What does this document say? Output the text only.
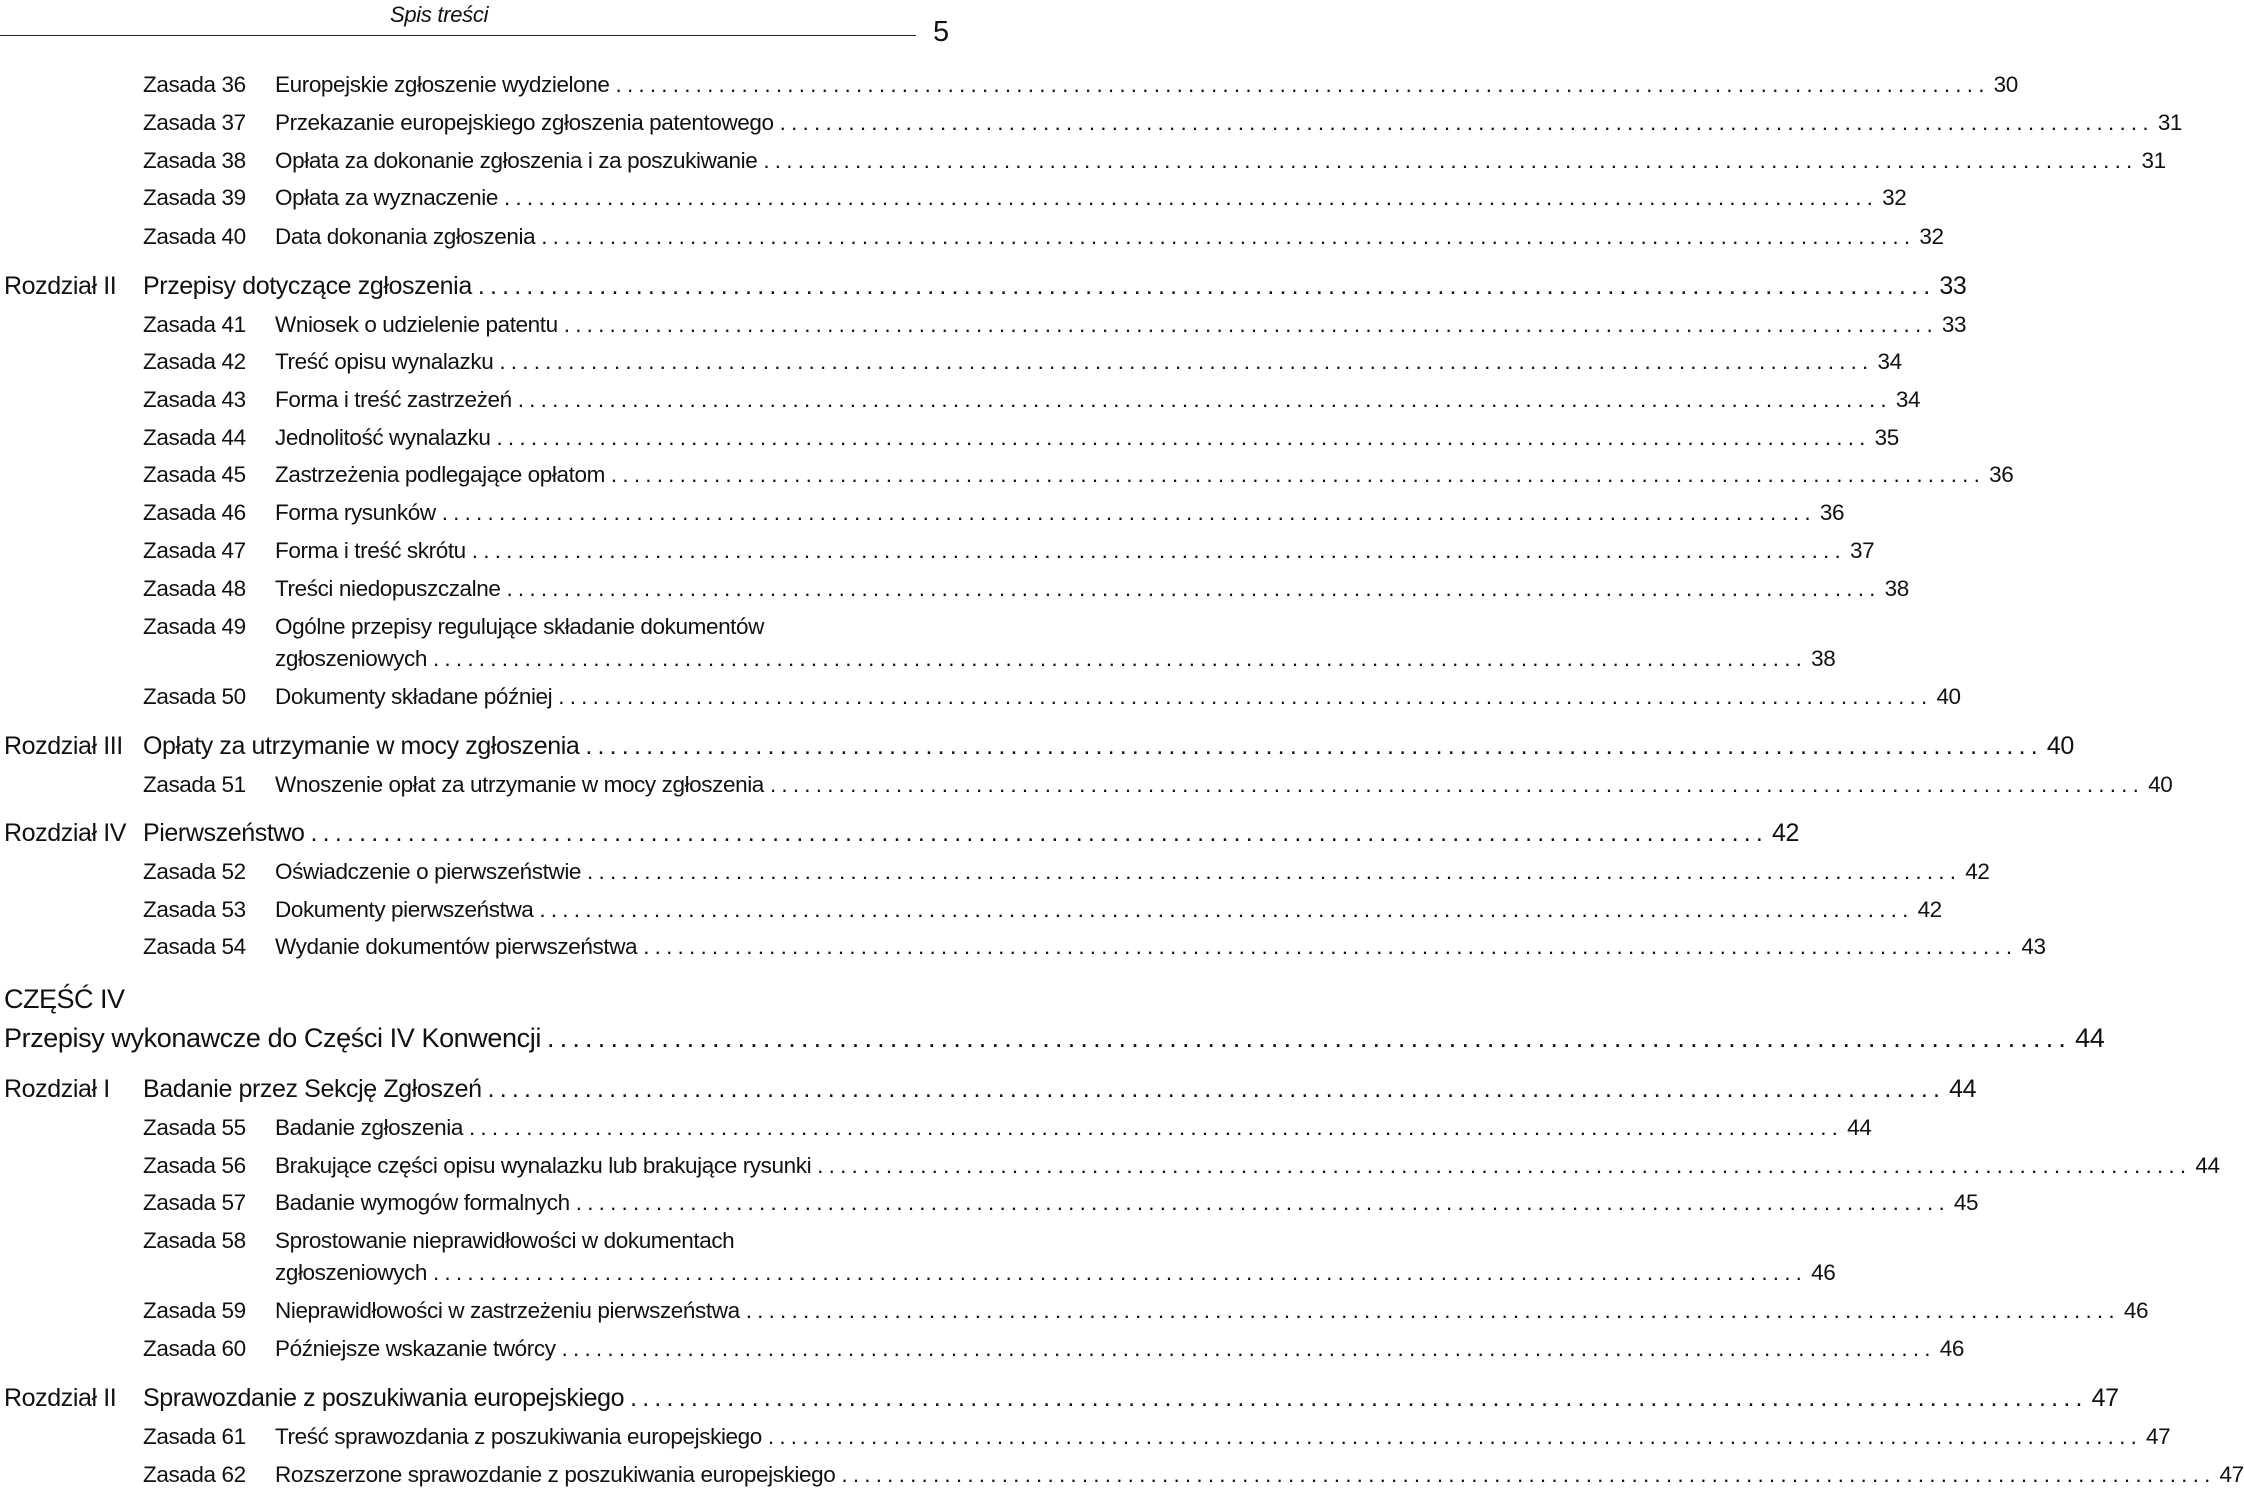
Spis treści
5
Zasada 36 Europejskie zgłoszenie wydzielone ........................................................................................................................ 30
Zasada 37 Przekazanie europejskiego zgłoszenia patentowego ........................................................................................................................ 31
Zasada 38 Opłata za dokonanie zgłoszenia i za poszukiwanie ........................................................................................................................ 31
Zasada 39 Opłata za wyznaczenie ........................................................................................................................ 32
Zasada 40 Data dokonania zgłoszenia ........................................................................................................................ 32
Rozdział II Przepisy dotyczące zgłoszenia ........................................................................................................................ 33
Zasada 41 Wniosek o udzielenie patentu ........................................................................................................................ 33
Zasada 42 Treść opisu wynalazku ........................................................................................................................ 34
Zasada 43 Forma i treść zastrzeżeń ........................................................................................................................ 34
Zasada 44 Jednolitość wynalazku ........................................................................................................................ 35
Zasada 45 Zastrzeżenia podlegające opłatom ........................................................................................................................ 36
Zasada 46 Forma rysunków ........................................................................................................................ 36
Zasada 47 Forma i treść skrótu ........................................................................................................................ 37
Zasada 48 Treści niedopuszczalne ........................................................................................................................ 38
Zasada 49 Ogólne przepisy regulujące składanie dokumentów
zgłoszeniowych ........................................................................................................................ 38
Zasada 50 Dokumenty składane później ........................................................................................................................ 40
Rozdział III Opłaty za utrzymanie w mocy zgłoszenia ........................................................................................................................ 40
Zasada 51 Wnoszenie opłat za utrzymanie w mocy zgłoszenia ........................................................................................................................ 40
Rozdział IV Pierwszeństwo ........................................................................................................................ 42
Zasada 52 Oświadczenie o pierwszeństwie ........................................................................................................................ 42
Zasada 53 Dokumenty pierwszeństwa ........................................................................................................................ 42
Zasada 54 Wydanie dokumentów pierwszeństwa ........................................................................................................................ 43
CZĘŚĆ IV
Przepisy wykonawcze do Części IV Konwencji ........................................................................................................................ 44
Rozdział I Badanie przez Sekcję Zgłoszeń ........................................................................................................................ 44
Zasada 55 Badanie zgłoszenia ........................................................................................................................ 44
Zasada 56 Brakujące części opisu wynalazku lub brakujące rysunki ........................................................................................................................ 44
Zasada 57 Badanie wymogów formalnych ........................................................................................................................ 45
Zasada 58 Sprostowanie nieprawidłowości w dokumentach
zgłoszeniowych ........................................................................................................................ 46
Zasada 59 Nieprawidłowości w zastrzeżeniu pierwszeństwa ........................................................................................................................ 46
Zasada 60 Późniejsze wskazanie twórcy ........................................................................................................................ 46
Rozdział II Sprawozdanie z poszukiwania europejskiego ........................................................................................................................ 47
Zasada 61 Treść sprawozdania z poszukiwania europejskiego ........................................................................................................................ 47
Zasada 62 Rozszerzone sprawozdanie z poszukiwania europejskiego ........................................................................................................................ 47
